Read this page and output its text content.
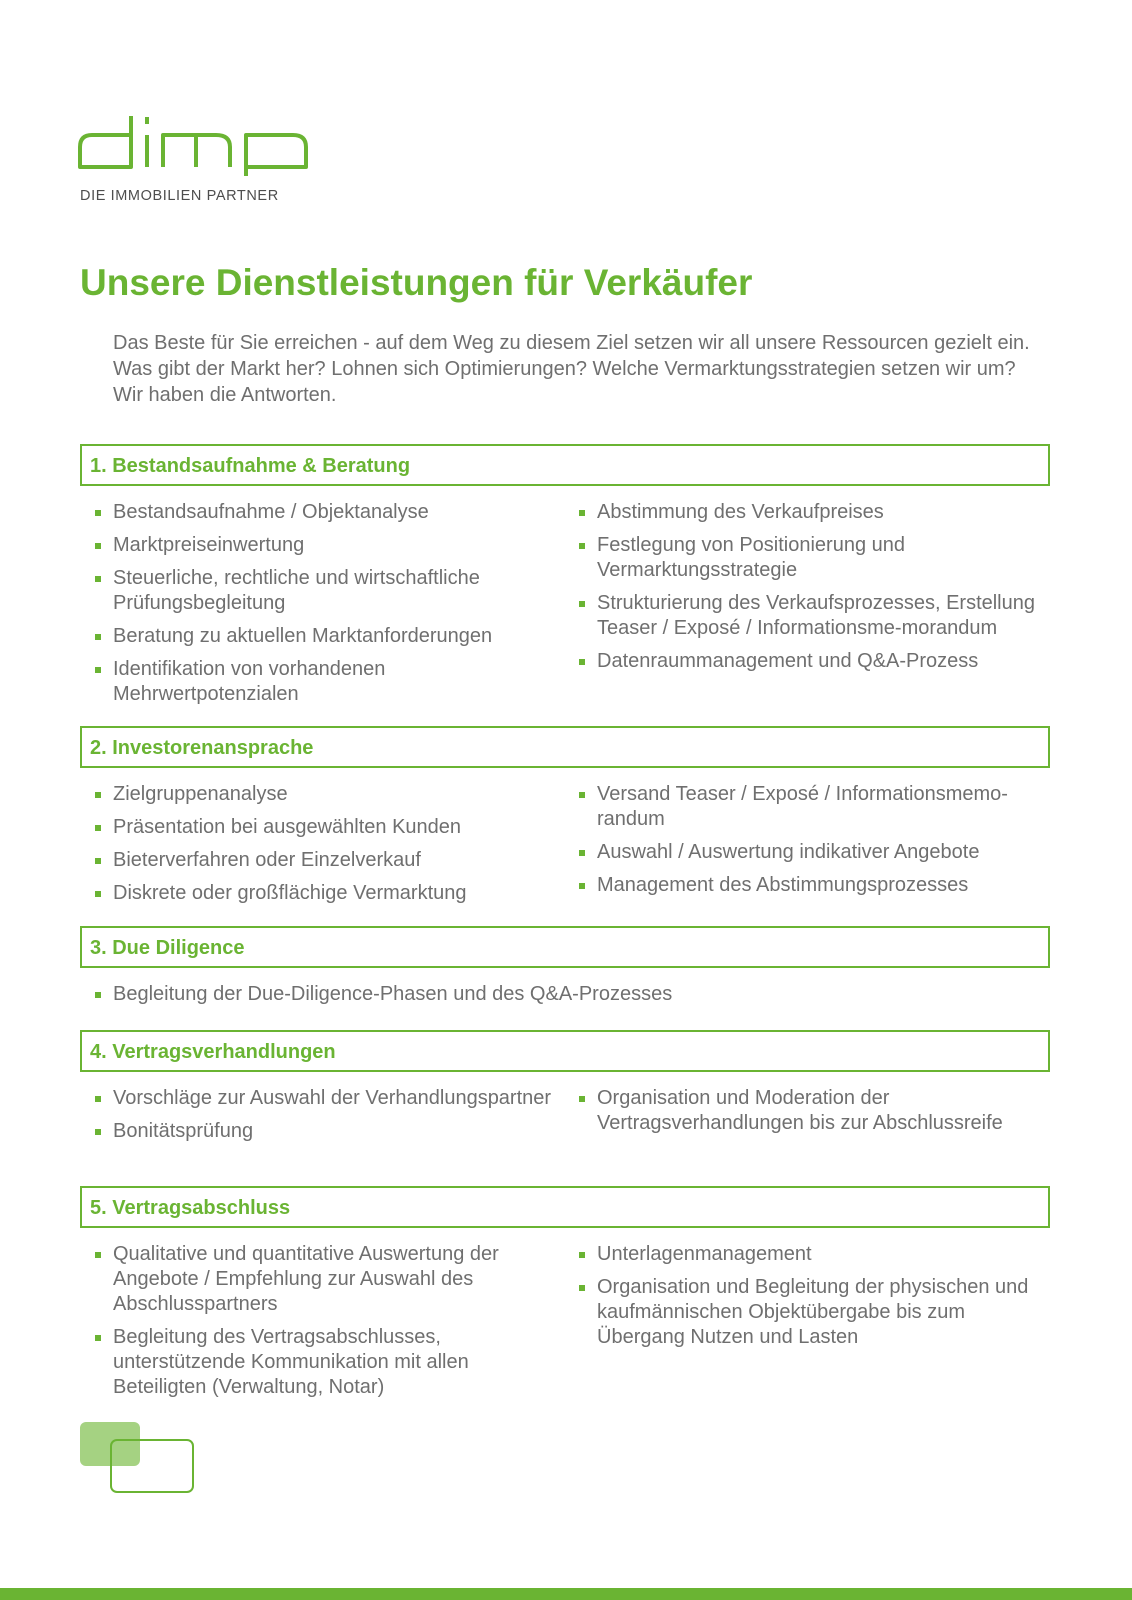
DIE IMMOBILIEN PARTNER
Unsere Dienstleistungen für Verkäufer
Das Beste für Sie erreichen - auf dem Weg zu diesem Ziel setzen wir all unsere Ressourcen gezielt ein. Was gibt der Markt her? Lohnen sich Optimierungen? Welche Vermarktungsstrategien setzen wir um? Wir haben die Antworten.
1. Bestandsaufnahme & Beratung
Bestandsaufnahme / Objektanalyse
Marktpreiseinwertung
Steuerliche, rechtliche und wirtschaftliche Prüfungsbegleitung
Beratung zu aktuellen Marktanforderungen
Identifikation von vorhandenen Mehrwertpotenzialen
Abstimmung des Verkaufpreises
Festlegung von Positionierung und Vermarktungsstrategie
Strukturierung des Verkaufsprozesses, Erstellung Teaser / Exposé / Informationsme-morandum
Datenraummanagement und Q&A-Prozess
2. Investorenansprache
Zielgruppenanalyse
Präsentation bei ausgewählten Kunden
Bieterverfahren oder Einzelverkauf
Diskrete oder großflächige Vermarktung
Versand Teaser / Exposé / Informationsmemo-randum
Auswahl / Auswertung indikativer Angebote
Management des Abstimmungsprozesses
3. Due Diligence
Begleitung der Due-Diligence-Phasen und des Q&A-Prozesses
4. Vertragsverhandlungen
Vorschläge zur Auswahl der Verhandlungspartner
Bonitätsprüfung
Organisation und Moderation der Vertragsverhandlungen bis zur Abschlussreife
5. Vertragsabschluss
Qualitative und quantitative Auswertung der Angebote / Empfehlung zur Auswahl des Abschlusspartners
Begleitung des Vertragsabschlusses, unterstützende Kommunikation mit allen Beteiligten (Verwaltung, Notar)
Unterlagenmanagement
Organisation und Begleitung der physischen und kaufmännischen Objektübergabe bis zum Übergang Nutzen und Lasten
